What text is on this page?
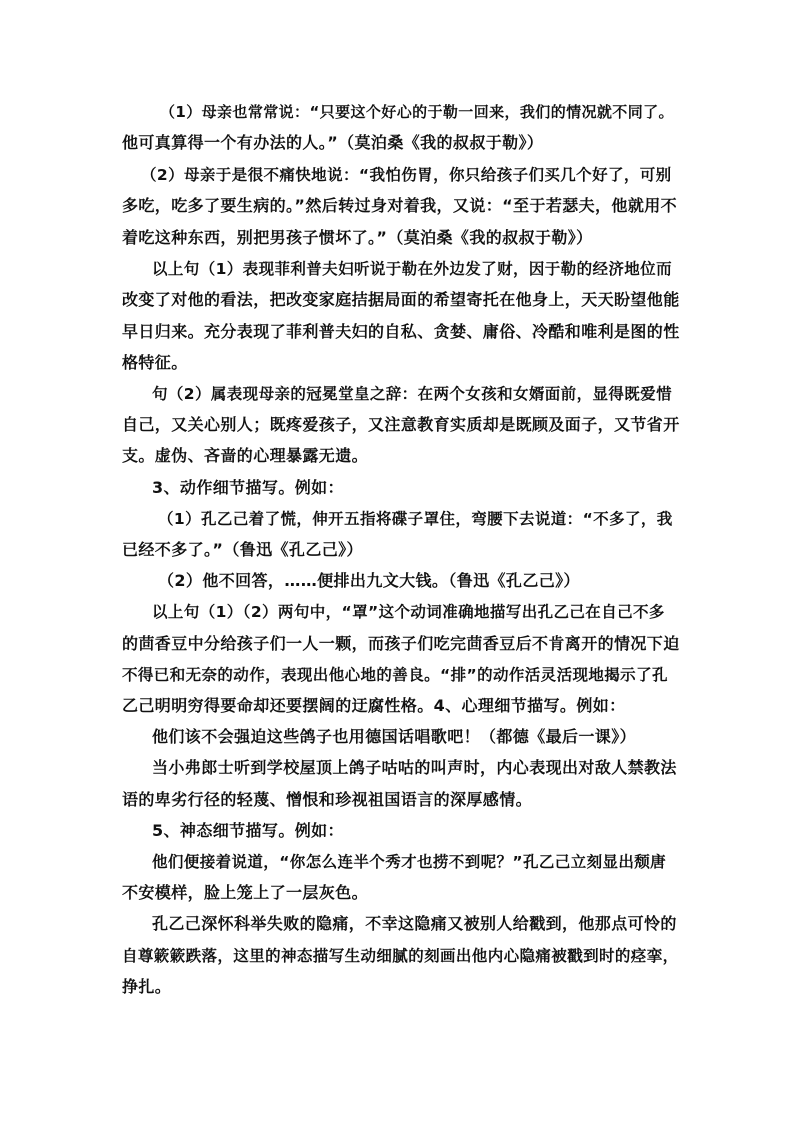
（1）母亲也常常说：“只要这个好心的于勒一回来，我们的情况就不同了。
他可真算得一个有办法的人。”（莫泊桑《我的叔叔于勒》）
（2）母亲于是很不痛快地说：“我怕伤胃，你只给孩子们买几个好了，可别
多吃，吃多了要生病的。”然后转过身对着我，又说：“至于若瑟夫，他就用不
着吃这种东西，别把男孩子惯坏了。”（莫泊桑《我的叔叔于勒》）
以上句（1）表现菲利普夫妇听说于勒在外边发了财，因于勒的经济地位而
改变了对他的看法，把改变家庭拮据局面的希望寄托在他身上，天天盼望他能
早日归来。充分表现了菲利普夫妇的自私、贪婪、庸俗、冷酷和唯利是图的性
格特征。
句（2）属表现母亲的冠冕堂皇之辞：在两个女孩和女婿面前，显得既爱惜
自己，又关心别人；既疼爱孩子，又注意教育实质却是既顾及面子，又节省开
支。虚伪、吝啬的心理暴露无遗。
3、动作细节描写。例如：
（1）孔乙己着了慌，伸开五指将碟子罩住，弯腰下去说道：“不多了，我
已经不多了。”（鲁迅《孔乙己》）
（2）他不回答，……便排出九文大钱。（鲁迅《孔乙己》）
以上句（1）（2）两句中，“罩”这个动词准确地描写出孔乙己在自己不多
的茴香豆中分给孩子们一人一颗，而孩子们吃完茴香豆后不肯离开的情况下迫
不得已和无奈的动作，表现出他心地的善良。“排”的动作活灵活现地揭示了孔
乙己明明穷得要命却还要摆阔的迂腐性格。4、心理细节描写。例如：
他们该不会强迫这些鸽子也用德国话唱歌吧！（都德《最后一课》）
当小弗郎士听到学校屋顶上鸽子咕咕的叫声时，内心表现出对敌人禁教法
语的卑劣行径的轻蔑、憎恨和珍视祖国语言的深厚感情。
5、神态细节描写。例如：
他们便接着说道，“你怎么连半个秀才也捞不到呢？”孔乙己立刻显出颓唐
不安模样，脸上笼上了一层灰色。
孔乙己深怀科举失败的隐痛，不幸这隐痛又被别人给戳到，他那点可怜的
自尊簌簌跌落，这里的神态描写生动细腻的刻画出他内心隐痛被戳到时的痉挛，
挣扎。
